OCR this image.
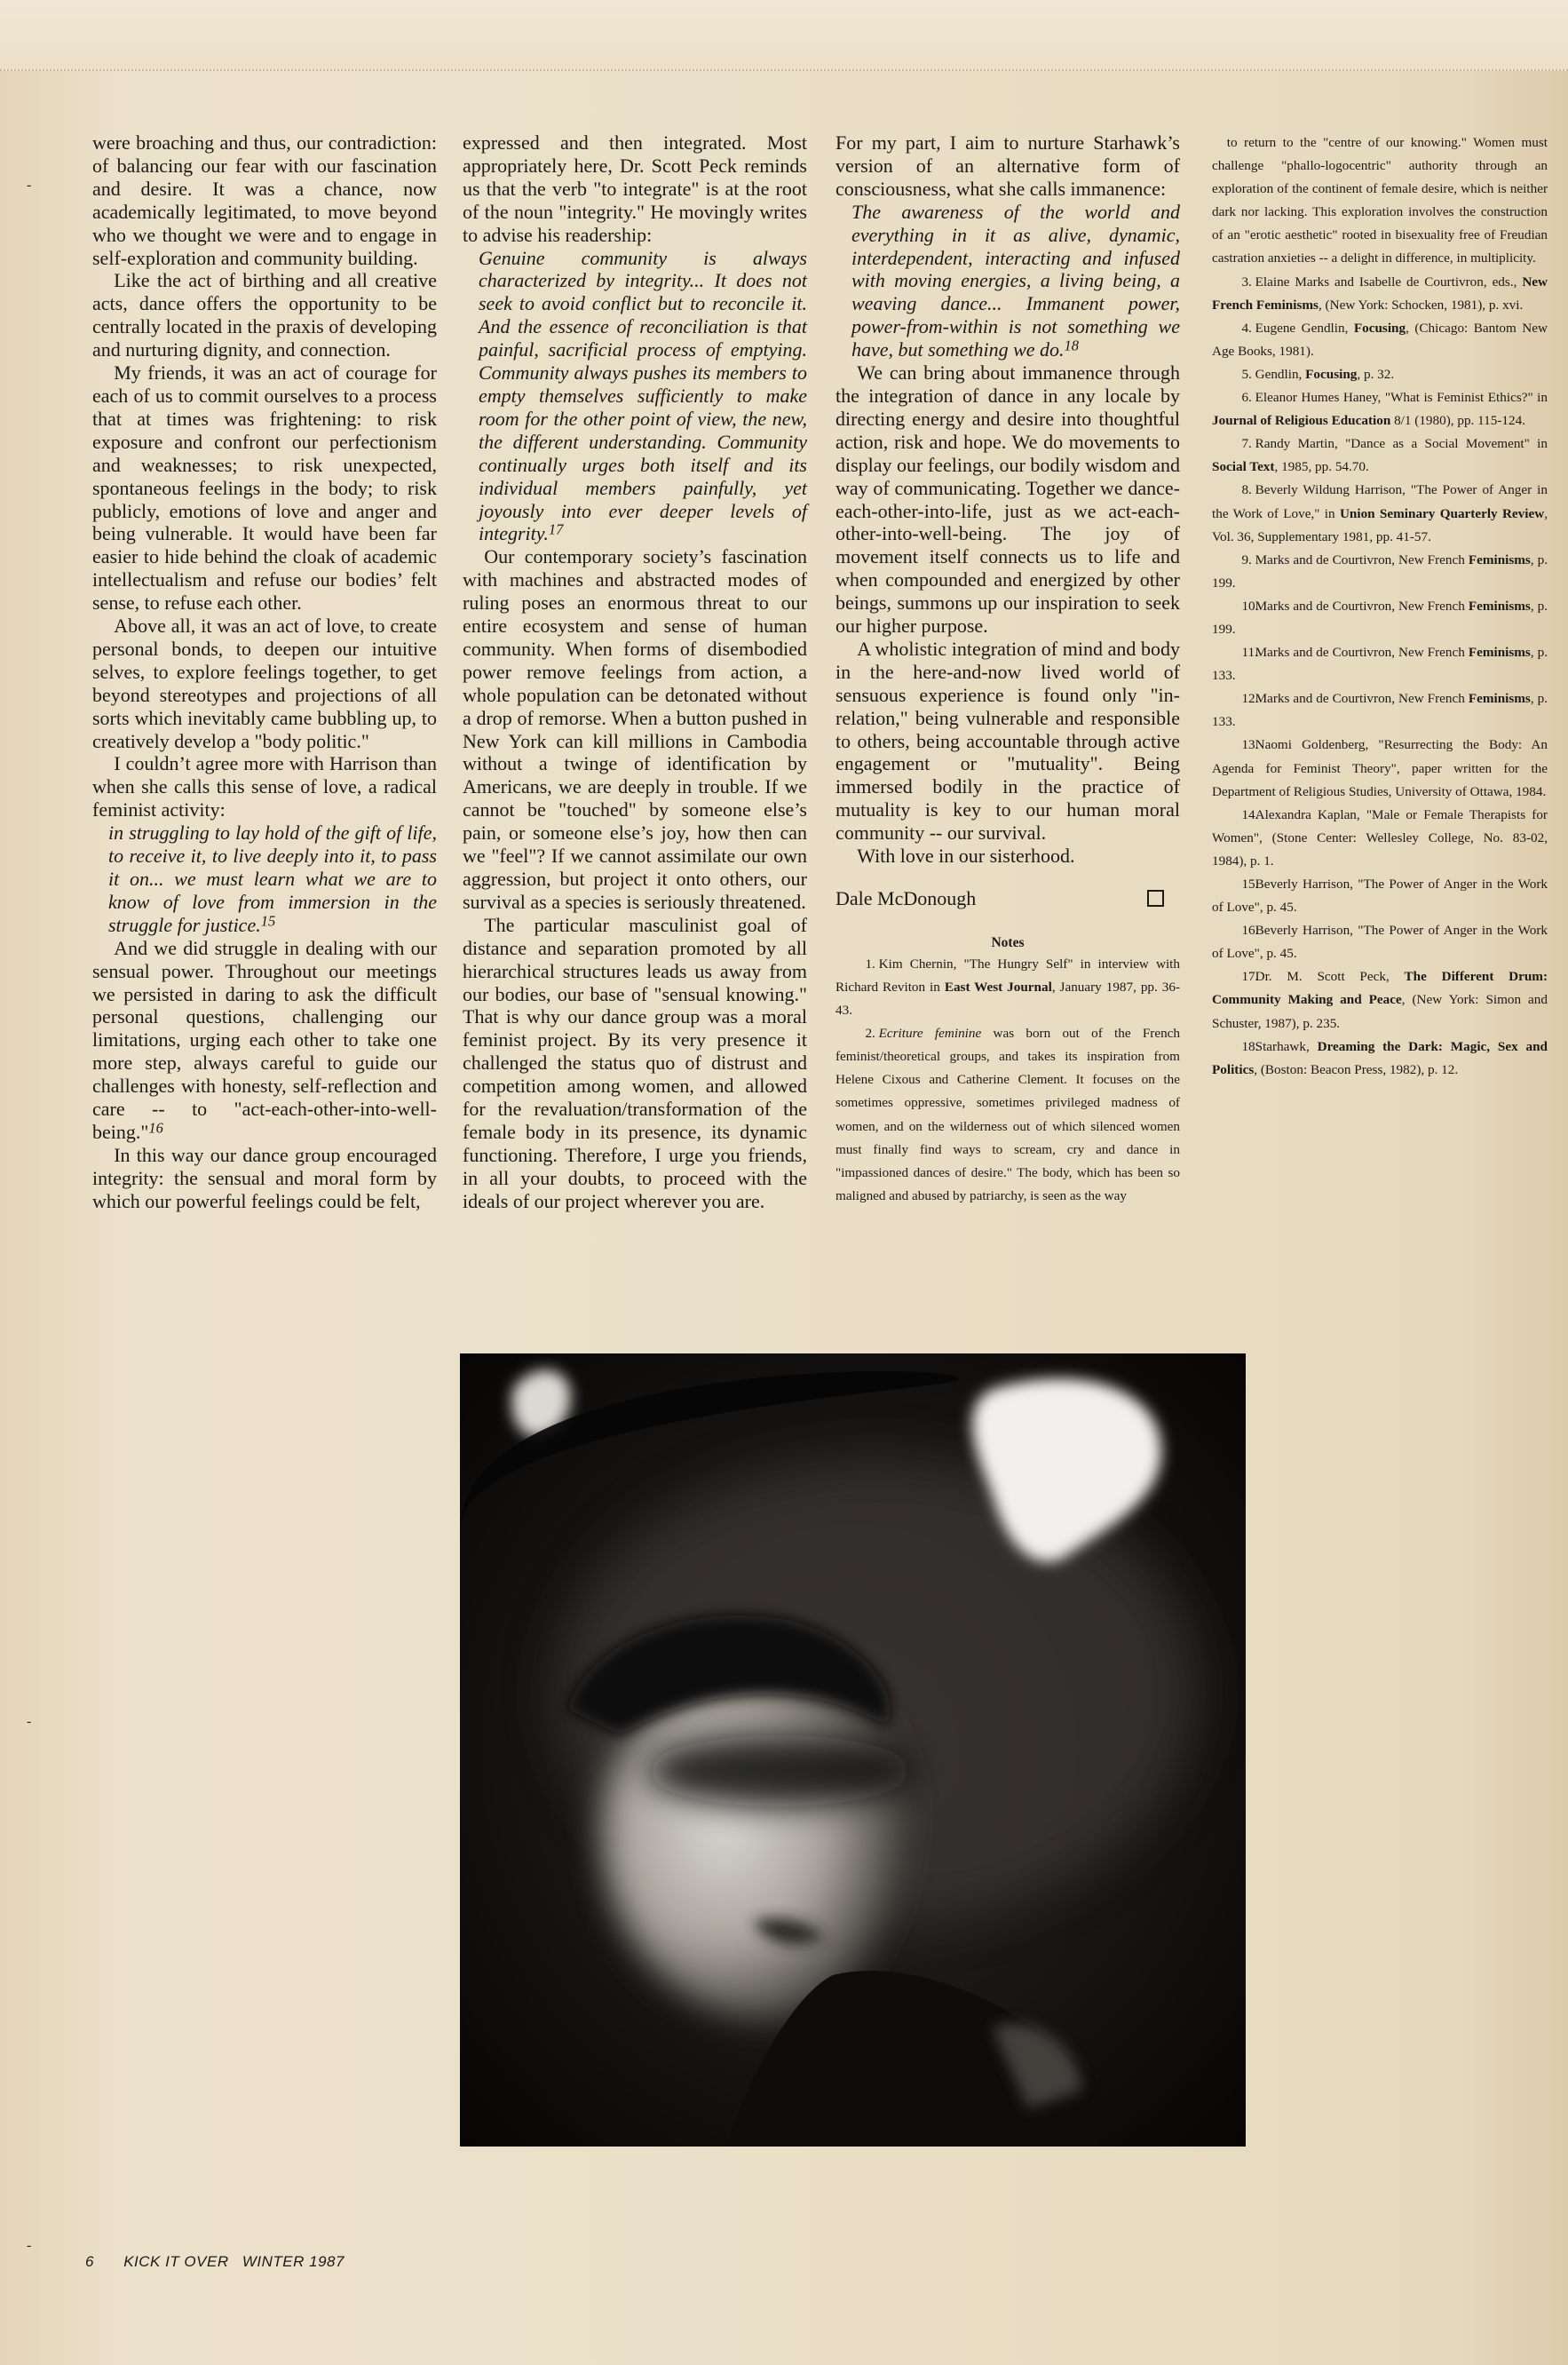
‑
‑
‑

were broaching and thus, our contradiction: of balancing our fear with our fascination and desire. It was a chance, now academically legitimated, to move beyond who we thought we were and to engage in self-exploration and community building.

Like the act of birthing and all creative acts, dance offers the opportunity to be centrally located in the praxis of developing and nurturing dignity, and connection.

My friends, it was an act of courage for each of us to commit ourselves to a process that at times was frightening: to risk exposure and confront our perfectionism and weaknesses; to risk unexpected, spontaneous feelings in the body; to risk publicly, emotions of love and anger and being vulnerable. It would have been far easier to hide behind the cloak of academic intellectualism and refuse our bodies’ felt sense, to refuse each other.

Above all, it was an act of love, to create personal bonds, to deepen our intuitive selves, to explore feelings together, to get beyond stereotypes and projections of all sorts which inevitably came bubbling up, to creatively develop a "body politic."

I couldn’t agree more with Harrison than when she calls this sense of love, a radical feminist activity:

in struggling to lay hold of the gift of life, to receive it, to live deeply into it, to pass it on... we must learn what we are to know of love from immersion in the struggle for justice.$^{15}$

And we did struggle in dealing with our sensual power. Throughout our meetings we persisted in daring to ask the difficult personal questions, challenging our limitations, urging each other to take one more step, always careful to guide our challenges with honesty, self-reflection and care -- to "act-each-other-into-well-being."$^{16}$

In this way our dance group encouraged integrity: the sensual and moral form by which our powerful feelings could be felt,

expressed and then integrated. Most appropriately here, Dr. Scott Peck reminds us that the verb "to integrate" is at the root of the noun "integrity." He movingly writes to advise his readership:

Genuine community is always characterized by integrity... It does not seek to avoid conflict but to reconcile it. And the essence of reconciliation is that painful, sacrificial process of emptying. Community always pushes its members to empty themselves sufficiently to make room for the other point of view, the new, the different understanding. Community continually urges both itself and its individual members painfully, yet joyously into ever deeper levels of integrity.$^{17}$

Our contemporary society’s fascination with machines and abstracted modes of ruling poses an enormous threat to our entire ecosystem and sense of human community. When forms of disembodied power remove feelings from action, a whole population can be detonated without a drop of remorse. When a button pushed in New York can kill millions in Cambodia without a twinge of identification by Americans, we are deeply in trouble. If we cannot be "touched" by someone else’s pain, or someone else’s joy, how then can we "feel"? If we cannot assimilate our own aggression, but project it onto others, our survival as a species is seriously threatened.

The particular masculinist goal of distance and separation promoted by all hierarchical structures leads us away from our bodies, our base of "sensual knowing." That is why our dance group was a moral feminist project. By its very presence it challenged the status quo of distrust and competition among women, and allowed for the revaluation/transformation of the female body in its presence, its dynamic functioning. Therefore, I urge you friends, in all your doubts, to proceed with the ideals of our project wherever you are.

For my part, I aim to nurture Starhawk’s version of an alternative form of consciousness, what she calls immanence:

The awareness of the world and everything in it as alive, dynamic, interdependent, interacting and infused with moving energies, a living being, a weaving dance... Immanent power, power-from-within is not something we have, but something we do.$^{18}$

We can bring about immanence through the integration of dance in any locale by directing energy and desire into thoughtful action, risk and hope. We do movements to display our feelings, our bodily wisdom and way of communicating. Together we dance-each-other-into-life, just as we act-each-other-into-well-being. The joy of movement itself connects us to life and when compounded and energized by other beings, summons up our inspiration to seek our higher purpose.

A wholistic integration of mind and body in the here-and-now lived world of sensuous experience is found only "in-relation," being vulnerable and responsible to others, being accountable through active engagement or "mutuality". Being immersed bodily in the practice of mutuality is key to our human moral community -- our survival.

With love in our sisterhood.

Dale McDonough
Notes

1. Kim Chernin, "The Hungry Self" in interview with Richard Reviton in East West Journal, January 1987, pp. 36-43.

2. Ecriture feminine was born out of the French feminist/theoretical groups, and takes its inspiration from Helene Cixous and Catherine Clement. It focuses on the sometimes oppressive, sometimes privileged madness of women, and on the wilderness out of which silenced women must finally find ways to scream, cry and dance in "impassioned dances of desire." The body, which has been so maligned and abused by patriarchy, is seen as the way

to return to the "centre of our knowing." Women must challenge "phallo-logocentric" authority through an exploration of the continent of female desire, which is neither dark nor lacking. This exploration involves the construction of an "erotic aesthetic" rooted in bisexuality free of Freudian castration anxieties -- a delight in difference, in multiplicity.

3. Elaine Marks and Isabelle de Courtivron, eds., New French Feminisms, (New York: Schocken, 1981), p. xvi.

4. Eugene Gendlin, Focusing, (Chicago: Bantom New Age Books, 1981).

5. Gendlin, Focusing, p. 32.

6. Eleanor Humes Haney, "What is Feminist Ethics?" in Journal of Religious Education 8/1 (1980), pp. 115-124.

7. Randy Martin, "Dance as a Social Movement" in Social Text, 1985, pp. 54.70.

8. Beverly Wildung Harrison, "The Power of Anger in the Work of Love," in Union Seminary Quarterly Review, Vol. 36, Supplementary 1981, pp. 41-57.

9. Marks and de Courtivron, New French Feminisms, p. 199.

10.Marks and de Courtivron, New French Feminisms, p. 199.

11.Marks and de Courtivron, New French Feminisms, p. 133.

12.Marks and de Courtivron, New French Feminisms, p. 133.

13.Naomi Goldenberg, "Resurrecting the Body: An Agenda for Feminist Theory", paper written for the Department of Religious Studies, University of Ottawa, 1984.

14.Alexandra Kaplan, "Male or Female Therapists for Women", (Stone Center: Wellesley College, No. 83-02, 1984), p. 1.

15.Beverly Harrison, "The Power of Anger in the Work of Love", p. 45.

16.Beverly Harrison, "The Power of Anger in the Work of Love", p. 45.

17.Dr. M. Scott Peck, The Different Drum: Community Making and Peace, (New York: Simon and Schuster, 1987), p. 235.

18.Starhawk, Dreaming the Dark: Magic, Sex and Politics, (Boston: Beacon Press, 1982), p. 12.

6 KICK IT OVER WINTER 1987
